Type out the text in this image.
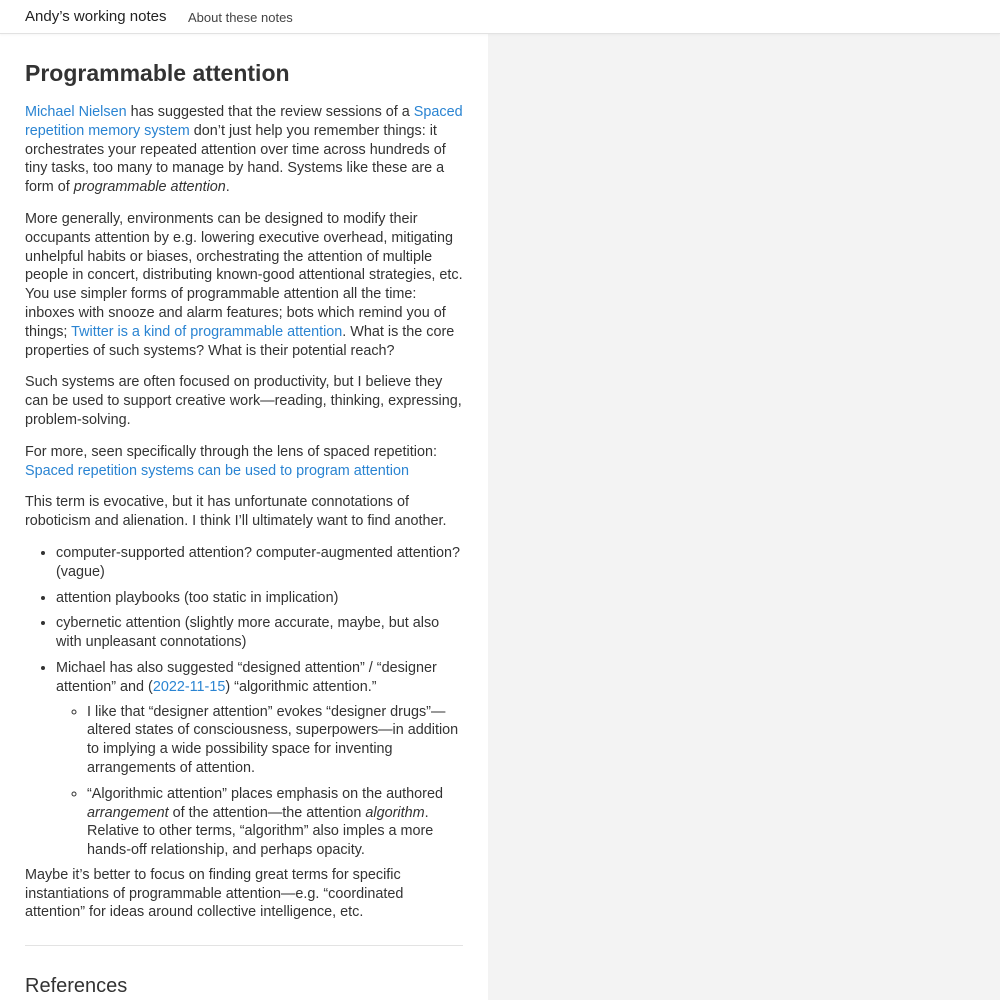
Andy’s working notes About these notes
Programmable attention

Michael Nielsen has suggested that the review sessions of a Spaced repetition memory system don’t just help you remember things: it orchestrates your repeated attention over time across hundreds of tiny tasks, too many to manage by hand. Systems like these are a form of programmable attention.

More generally, environments can be designed to modify their occupants attention by e.g. lowering executive overhead, mitigating unhelpful habits or biases, orchestrating the attention of multiple people in concert, distributing known-good attentional strategies, etc. You use simpler forms of programmable attention all the time: inboxes with snooze and alarm features; bots which remind you of things; Twitter is a kind of programmable attention. What is the core properties of such systems? What is their potential reach?

Such systems are often focused on productivity, but I believe they can be used to support creative work—reading, thinking, expressing, problem-solving.

For more, seen specifically through the lens of spaced repetition: Spaced repetition systems can be used to program attention

This term is evocative, but it has unfortunate connotations of roboticism and alienation. I think I’ll ultimately want to find another.

• computer-supported attention? computer-augmented attention? (vague)
• attention playbooks (too static in implication)
• cybernetic attention (slightly more accurate, maybe, but also with unpleasant connotations)
• Michael has also suggested “designed attention” / “designer attention” and (2022-11-15) “algorithmic attention.”
◦ I like that “designer attention” evokes “designer drugs”—altered states of consciousness, superpowers—in addition to implying a wide possibility space for inventing arrangements of attention.
◦ “Algorithmic attention” places emphasis on the authored arrangement of the attention—the attention algorithm. Relative to other terms, “algorithm” also imples a more hands-off relationship, and perhaps opacity.

Maybe it’s better to focus on finding great terms for specific instantiations of programmable attention—e.g. “coordinated attention” for ideas around collective intelligence, etc.

References
